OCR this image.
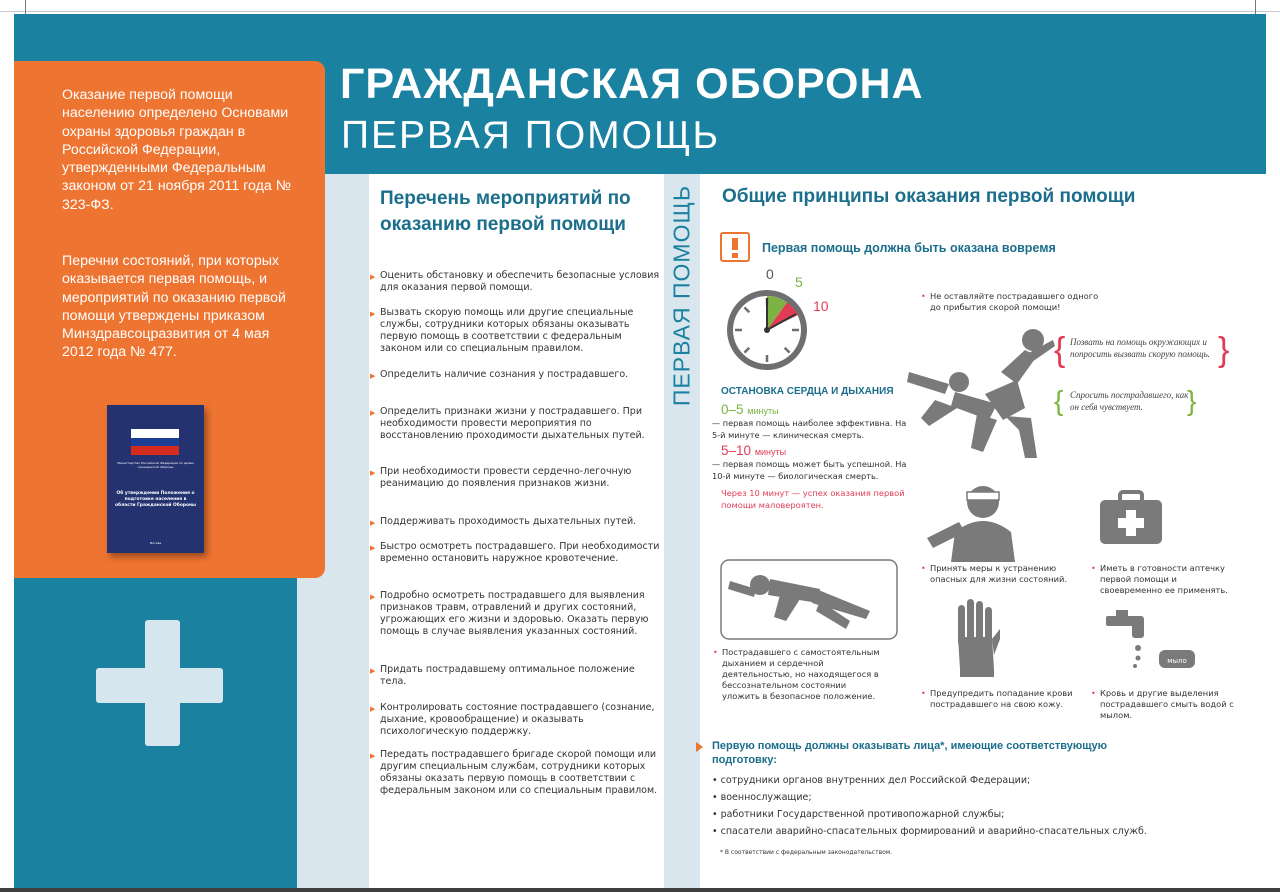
Оказание первой помощи населению определено Основами охраны здоровья граждан в Российской Федерации, утвержденными Федеральным законом от 21 ноября 2011 года № 323-ФЗ.
Перечни состояний, при которых оказывается первая помощь, и мероприятий по оказанию первой помощи утверждены приказом Минздравсоцразвития от 4 мая 2012 года № 477.
Министерство Российской Федерации по делам гражданской обороны
Об утверждении Положения о подготовке населения в области Гражданской Обороны
Москва
ГРАЖДАНСКАЯ ОБОРОНА
ПЕРВАЯ ПОМОЩЬ
ПЕРВАЯ ПОМОЩЬ
Перечень мероприятий по оказанию первой помощи
▶ Оценить обстановку и обеспечить безопасные условия для оказания первой помощи.
▶ Вызвать скорую помощь или другие специальные службы, сотрудники которых обязаны оказывать первую помощь в соответствии с федеральным законом или со специальным правилом.
▶ Определить наличие сознания у пострадавшего.
▶ Определить признаки жизни у пострадавшего. При необходимости провести мероприятия по восстановлению проходимости дыхательных путей.
▶ При необходимости провести сердечно-легочную реанимацию до появления признаков жизни.
▶ Поддерживать проходимость дыхательных путей.
▶ Быстро осмотреть пострадавшего. При необходимости временно остановить наружное кровотечение.
▶ Подробно осмотреть пострадавшего для выявления признаков травм, отравлений и других состояний, угрожающих его жизни и здоровью. Оказать первую помощь в случае выявления указанных состояний.
▶ Придать пострадавшему оптимальное положение тела.
▶ Контролировать состояние пострадавшего (сознание, дыхание, кровообращение) и оказывать психологическую поддержку.
▶ Передать пострадавшего бригаде скорой помощи или другим специальным службам, сотрудники которых обязаны оказать первую помощь в соответствии с федеральным законом или со специальным правилом.
Общие принципы оказания первой помощи
Первая помощь должна быть оказана вовремя
0 5
10
ОСТАНОВКА СЕРДЦА И ДЫХАНИЯ
0–5 минуты
— первая помощь наиболее эффективна. На 5-й минуте — клиническая смерть.
5–10 минуты
— первая помощь может быть успешной. На 10-й минуте — биологическая смерть.
Через 10 минут — успех оказания первой помощи маловероятен.
• Не оставляйте пострадавшего одного до прибытия скорой помощи!
{ Позвать на помощь окружающих и попросить вызвать скорую помощь. }
{ Спросить пострадавшего, как он себя чувствует.	}
• Принять меры к устранению опасных для жизни состояний.
• Иметь в готовности аптечку первой помощи и своевременно ее применять.
• Пострадавшего с самостоятельным дыханием и сердечной деятельностью, но находящегося в бессознательном состоянии уложить в безопасное положение.	• Предупредить попадание крови пострадавшего на свою кожу.
мыло
• Кровь и другие выделения пострадавшего смыть водой с мылом.
Первую помощь должны оказывать лица*, имеющие соответствующую подготовку:
• сотрудники органов внутренних дел Российской Федерации;
• военнослужащие;
• работники Государственной противопожарной службы;
• спасатели аварийно-спасательных формирований и аварийно-спасательных служб.
* В соответствии с федеральным законодательством.
